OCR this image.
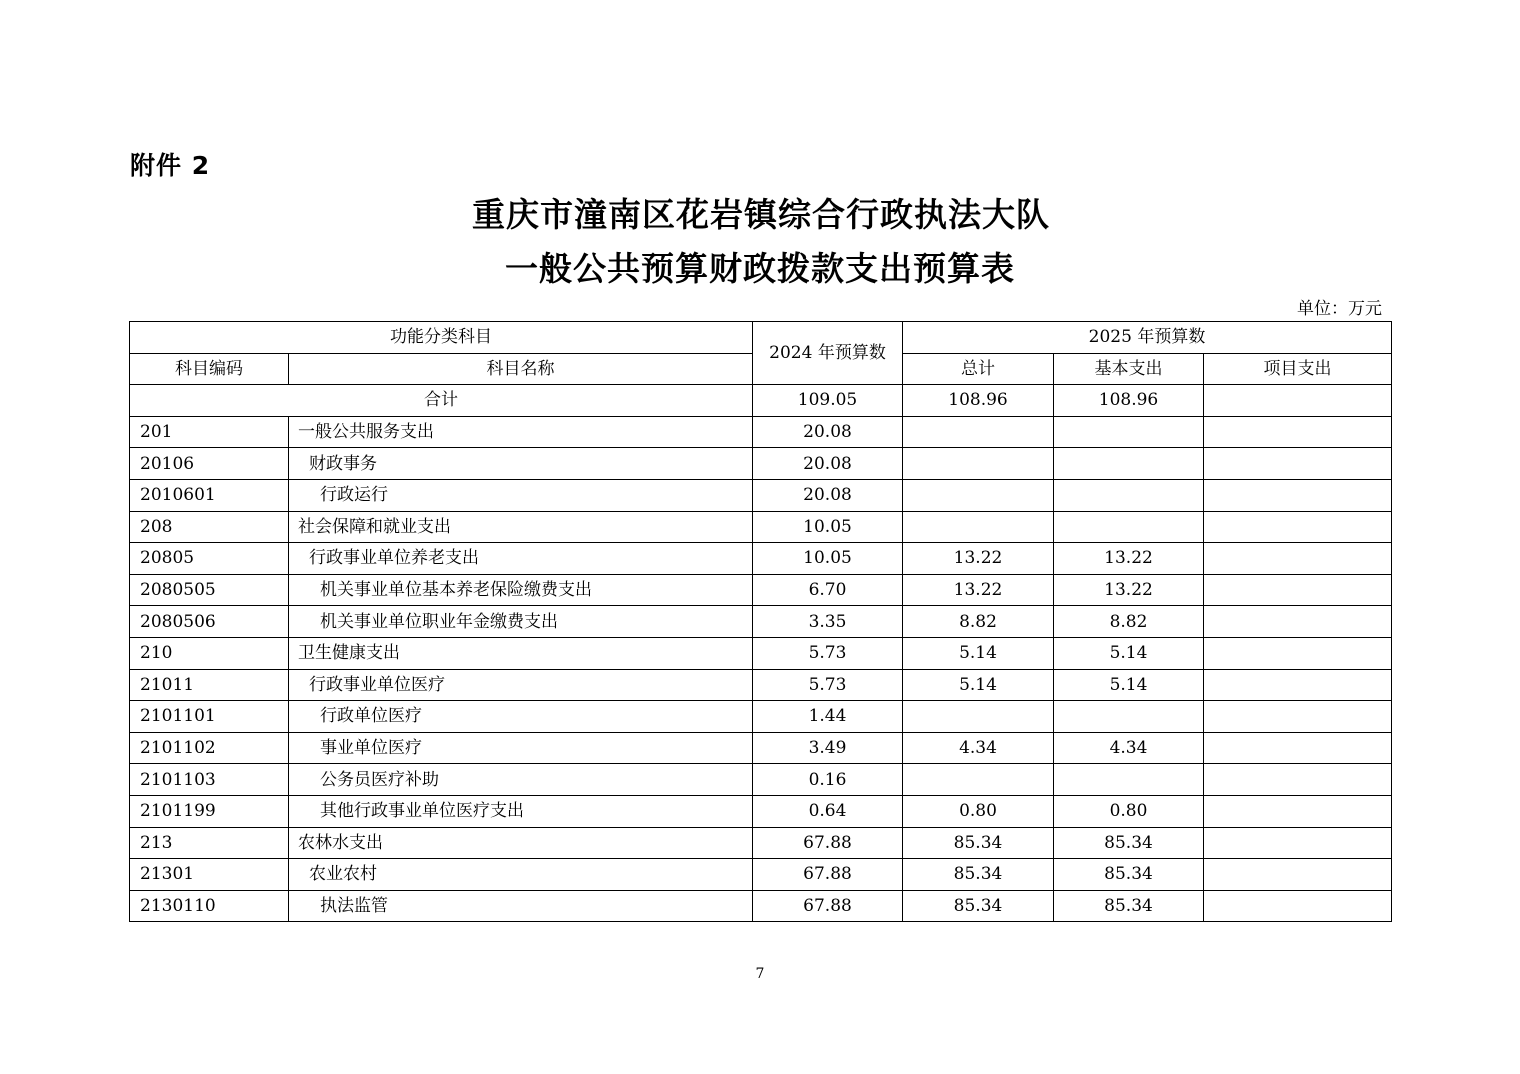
附件 2
重庆市潼南区花岩镇综合行政执法大队
一般公共预算财政拨款支出预算表
单位：万元
功能分类科目		2024 年预算数	2025 年预算数		
科目编码	科目名称		总计	基本支出	项目支出
合计		109.05	108.96	108.96	
201	一般公共服务支出	20.08			
20106	财政事务	20.08			
2010601	行政运行	20.08			
208	社会保障和就业支出	10.05			
20805	行政事业单位养老支出	10.05	13.22	13.22	
2080505	机关事业单位基本养老保险缴费支出	6.70	13.22	13.22	
2080506	机关事业单位职业年金缴费支出	3.35	8.82	8.82	
210	卫生健康支出	5.73	5.14	5.14	
21011	行政事业单位医疗	5.73	5.14	5.14	
2101101	行政单位医疗	1.44			
2101102	事业单位医疗	3.49	4.34	4.34	
2101103	公务员医疗补助	0.16			
2101199	其他行政事业单位医疗支出	0.64	0.80	0.80	
213	农林水支出	67.88	85.34	85.34	
21301	农业农村	67.88	85.34	85.34	
2130110	执法监管	67.88	85.34	85.34	
7
